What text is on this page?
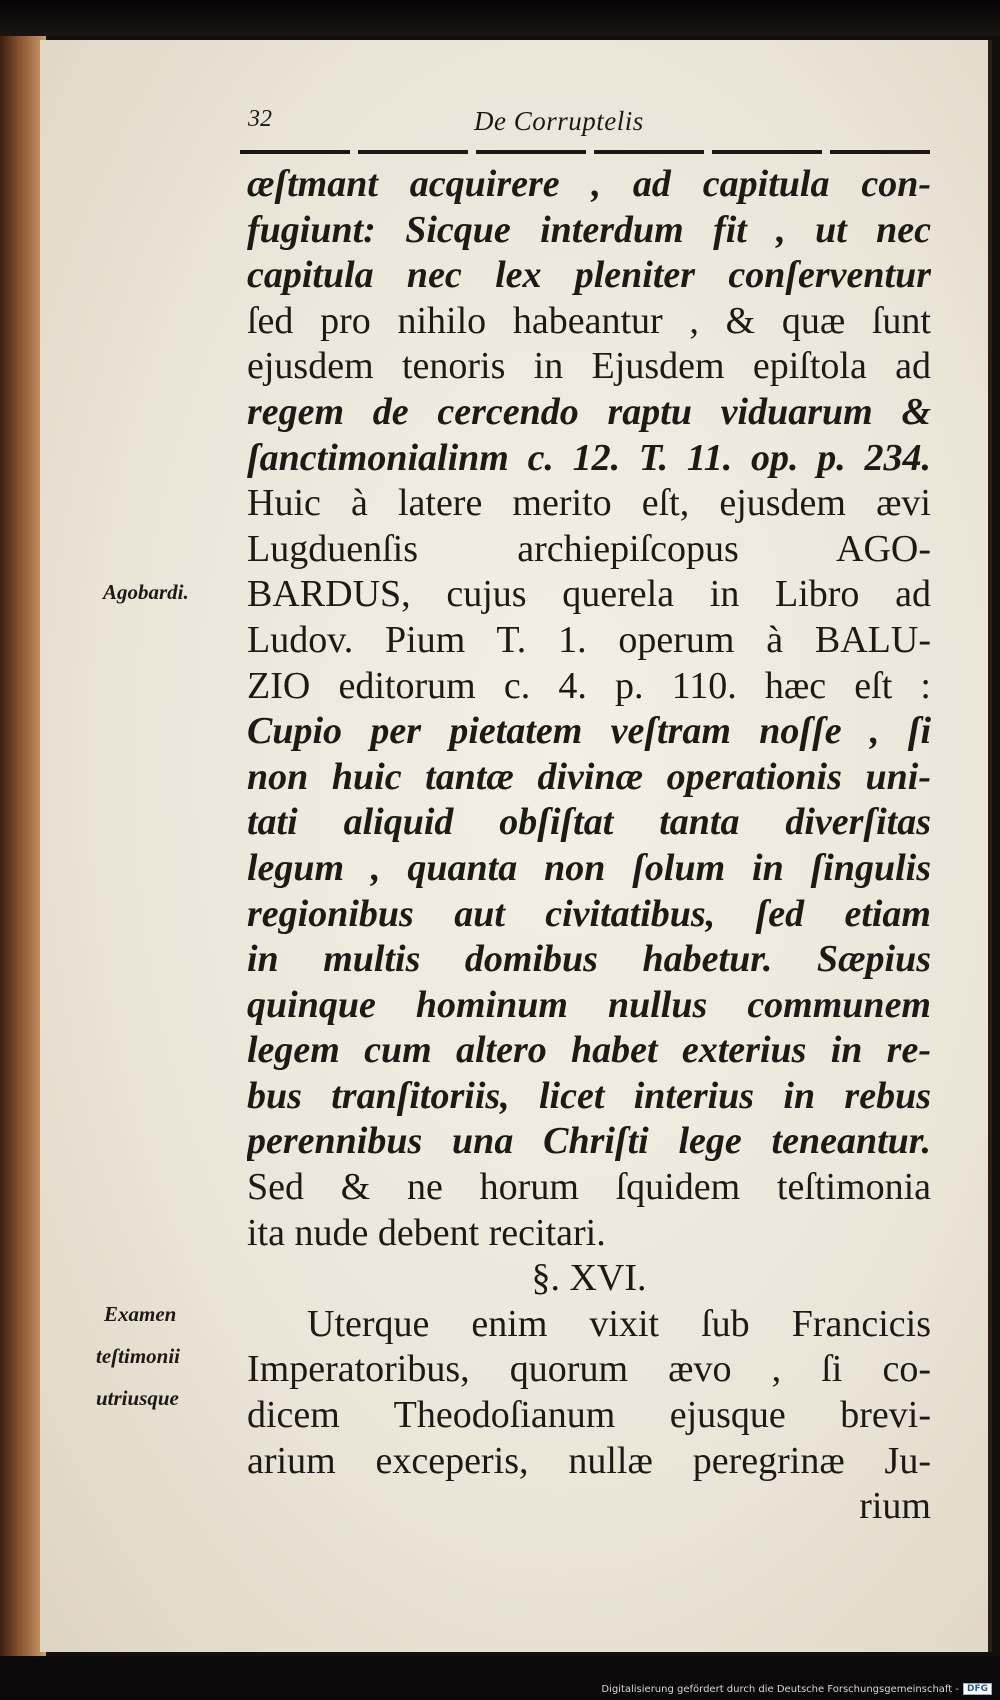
Digitalisierung gefördert durch die Deutsche Forschungsgemeinschaft - DFG
32	De Corruptelis
æſtmant acquirere , ad capitula con-
fugiunt: Sicque interdum fit , ut nec
capitula nec lex pleniter conſerventur
ſed pro nihilo habeantur , & quæ ſunt
ejusdem tenoris in Ejusdem epiſtola ad
regem de cercendo raptu viduarum &
ſanctimonialinm c. 12. T. 11. op. p. 234.
Huic à latere merito eſt, ejusdem ævi
Lugduenſis archiepiſcopus AGO-
BARDUS, cujus querela in Libro ad
Ludov. Pium T. 1. operum à BALU-
ZIO editorum c. 4. p. 110. hæc eſt :
Cupio per pietatem veſtram noſſe , ſi
non huic tantæ divinæ operationis uni-
tati aliquid obſiſtat tanta diverſitas
legum , quanta non ſolum in ſingulis
regionibus aut civitatibus, ſed etiam
in multis domibus habetur. Sæpius
quinque hominum nullus communem
legem cum altero habet exterius in re-
bus tranſitoriis, licet interius in rebus
perennibus una Chriſti lege teneantur.
Sed & ne horum ſquidem teſtimonia
ita nude debent recitari.
§. XVI.
Uterque enim vixit ſub Francicis
Imperatoribus, quorum ævo , ſi co-
dicem Theodoſianum ejusque brevi-
arium exceperis, nullæ peregrinæ Ju-
rium
Agobardi.
Examen
teſtimonii
utriusque
